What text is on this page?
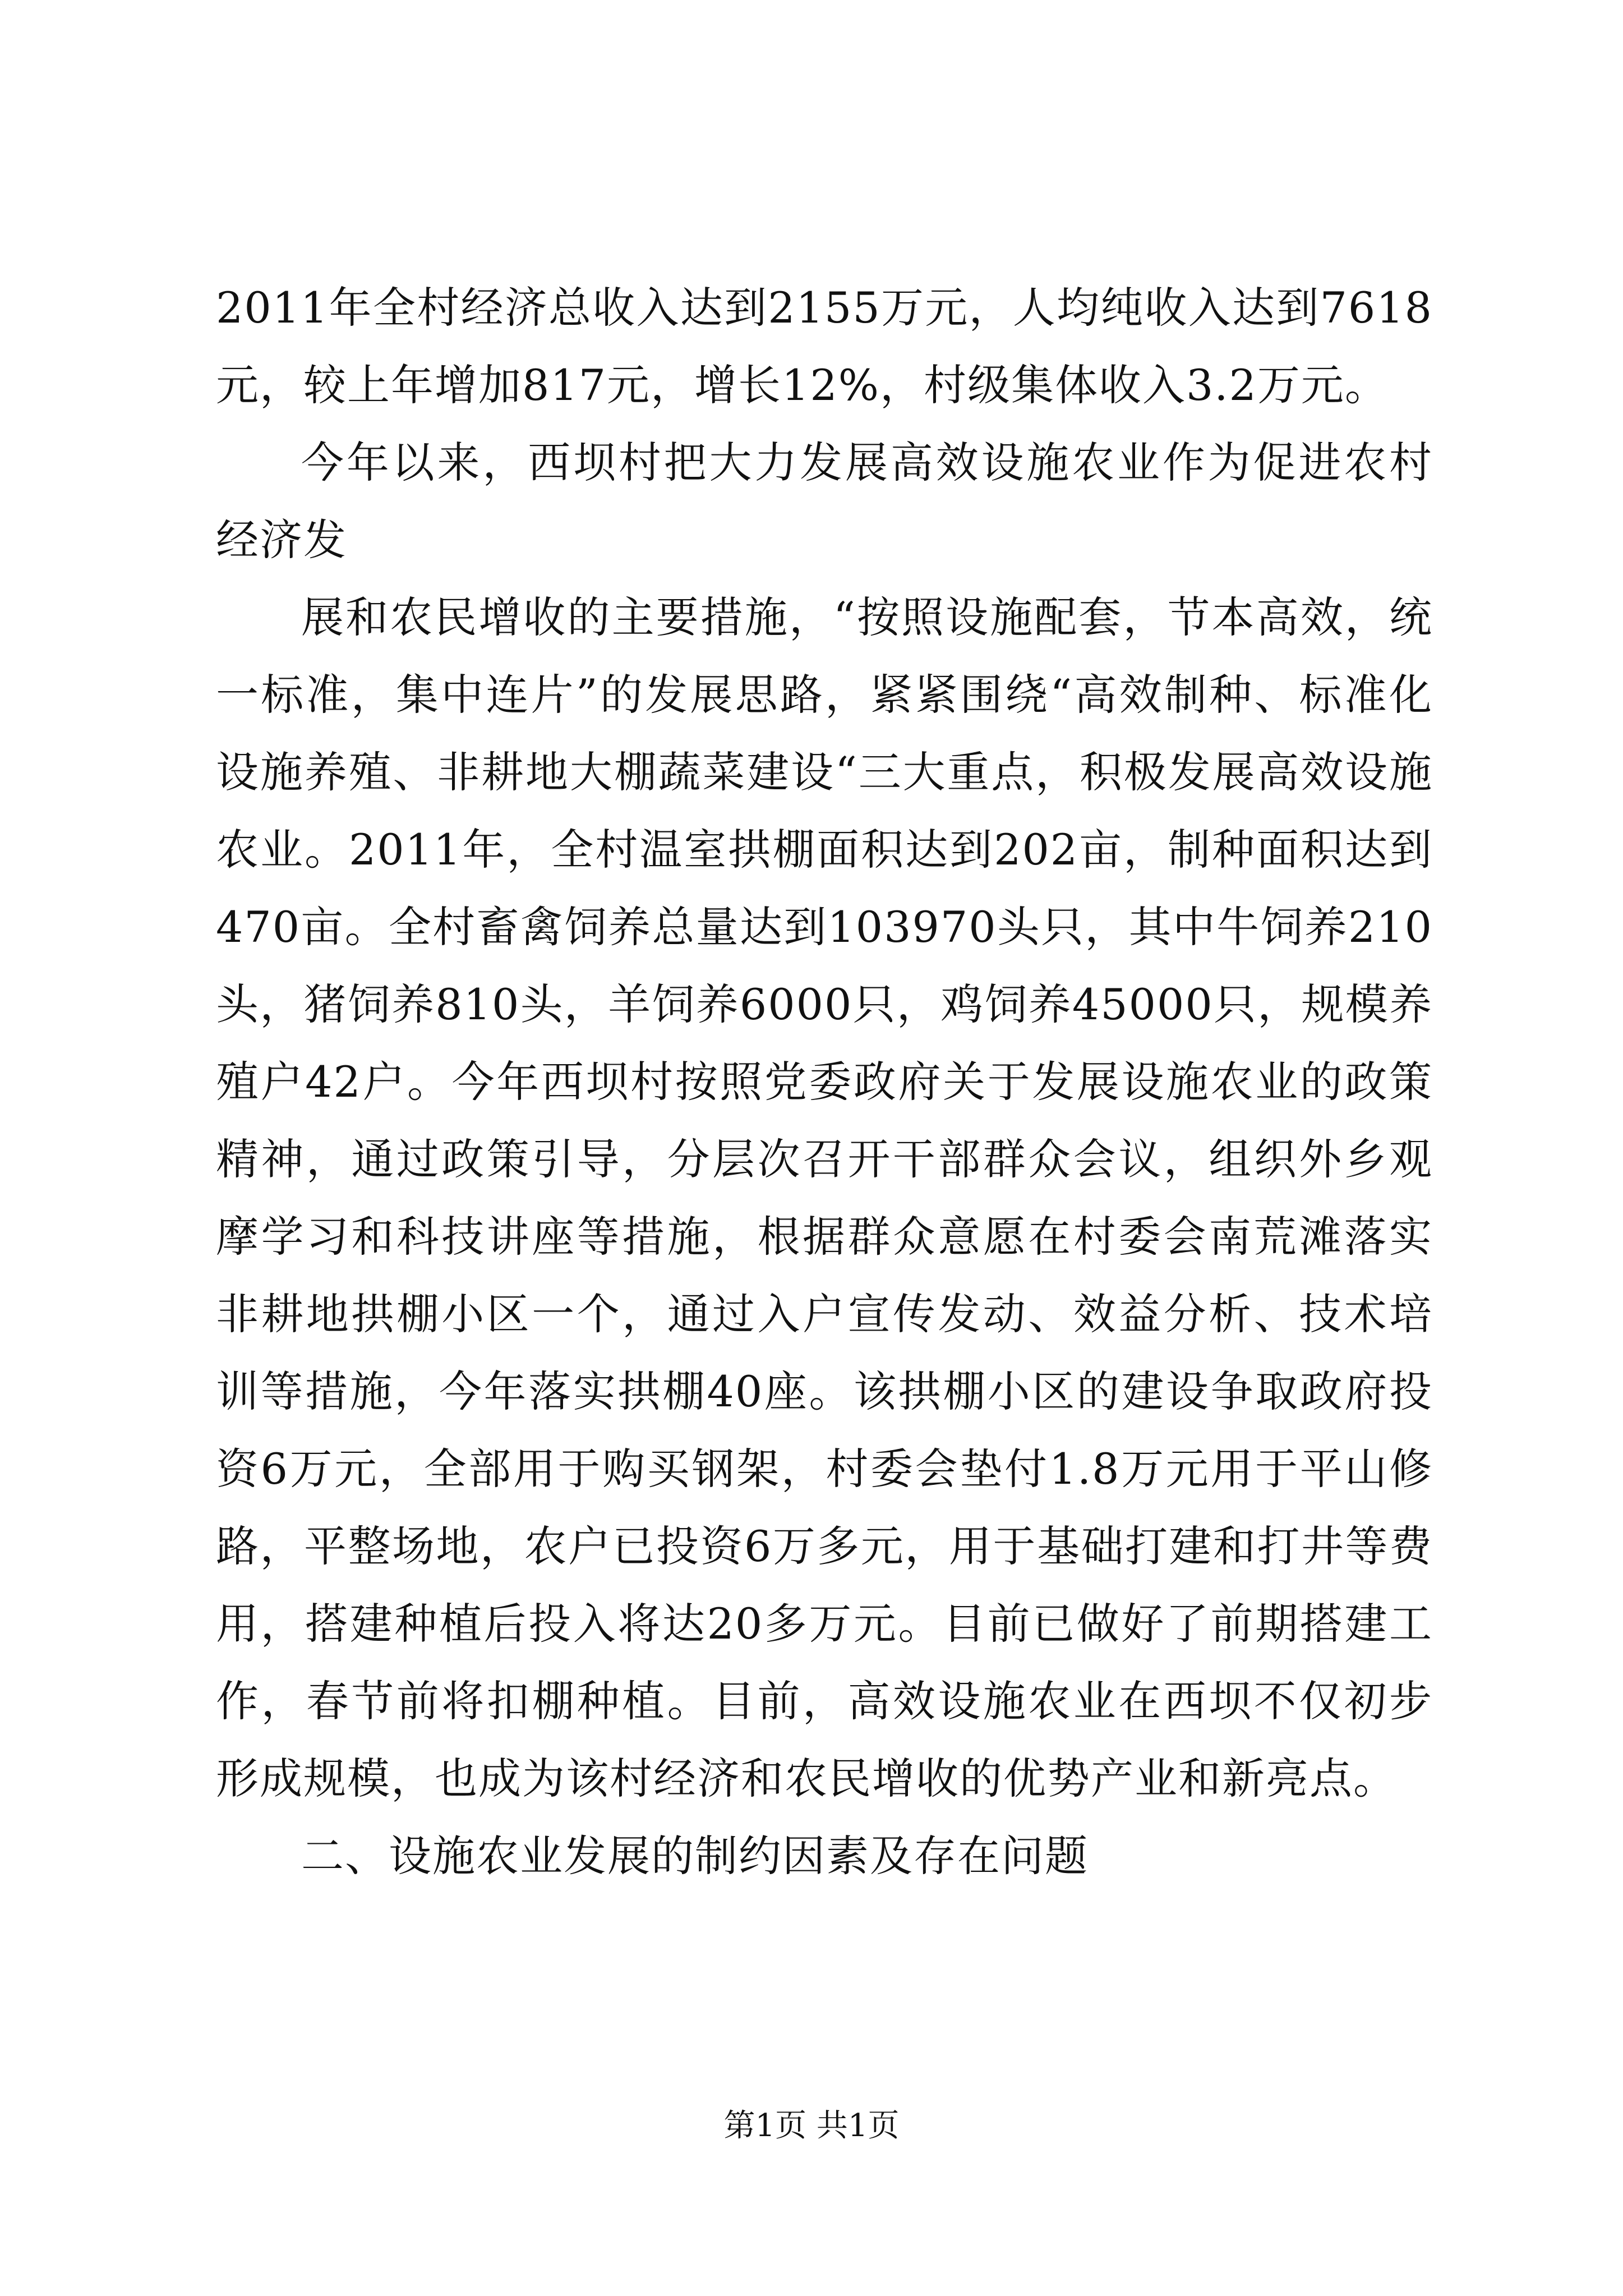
2011年全村经济总收入达到2155万元，人均纯收入达到7618元，较上年增加817元，增长12%，村级集体收入3.2万元。

今年以来，西坝村把大力发展高效设施农业作为促进农村经济发

展和农民增收的主要措施，“按照设施配套，节本高效，统一标准，集中连片”的发展思路，紧紧围绕“高效制种、标准化设施养殖、非耕地大棚蔬菜建设“三大重点，积极发展高效设施农业。2011年，全村温室拱棚面积达到202亩，制种面积达到470亩。全村畜禽饲养总量达到103970头只，其中牛饲养210头，猪饲养810头，羊饲养6000只，鸡饲养45000只，规模养殖户42户。今年西坝村按照党委政府关于发展设施农业的政策精神，通过政策引导，分层次召开干部群众会议，组织外乡观摩学习和科技讲座等措施，根据群众意愿在村委会南荒滩落实非耕地拱棚小区一个，通过入户宣传发动、效益分析、技术培训等措施，今年落实拱棚40座。该拱棚小区的建设争取政府投资6万元，全部用于购买钢架，村委会垫付1.8万元用于平山修路，平整场地，农户已投资6万多元，用于基础打建和打井等费用，搭建种植后投入将达20多万元。目前已做好了前期搭建工作，春节前将扣棚种植。目前，高效设施农业在西坝不仅初步形成规模，也成为该村经济和农民增收的优势产业和新亮点。

二、设施农业发展的制约因素及存在问题

第1页 共1页
